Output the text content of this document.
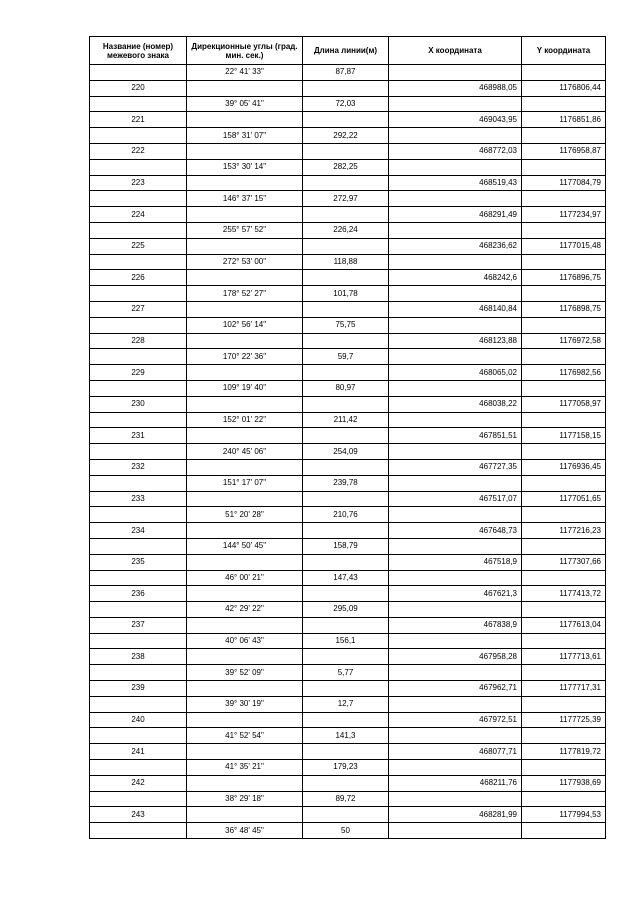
Название (номер) межевого знака	Дирекционные углы (град. мин. сек.)	Длина линии(м)	X координата	Y координата
	22° 41' 33"	87,87		
220			468988,05	1176806,44
	39° 05' 41"	72,03		
221			469043,95	1176851,86
	158° 31' 07"	292,22		
222			468772,03	1176958,87
	153° 30' 14"	282,25		
223			468519,43	1177084,79
	146° 37' 15"	272,97		
224			468291,49	1177234,97
	255° 57' 52"	226,24		
225			468236,62	1177015,48
	272° 53' 00"	118,88		
226			468242,6	1176896,75
	178° 52' 27"	101,78		
227			468140,84	1176898,75
	102° 56' 14"	75,75		
228			468123,88	1176972,58
	170° 22' 36"	59,7		
229			468065,02	1176982,56
	109° 19' 40"	80,97		
230			468038,22	1177058,97
	152° 01' 22"	211,42		
231			467851,51	1177158,15
	240° 45' 06"	254,09		
232			467727,35	1176936,45
	151° 17' 07"	239,78		
233			467517,07	1177051,65
	51° 20' 28"	210,76		
234			467648,73	1177216,23
	144° 50' 45"	158,79		
235			467518,9	1177307,66
	46° 00' 21"	147,43		
236			467621,3	1177413,72
	42° 29' 22"	295,09		
237			467838,9	1177613,04
	40° 06' 43"	156,1		
238			467958,28	1177713,61
	39° 52' 09"	5,77		
239			467962,71	1177717,31
	39° 30' 19"	12,7		
240			467972,51	1177725,39
	41° 52' 54"	141,3		
241			468077,71	1177819,72
	41° 35' 21"	179,23		
242			468211,76	1177938,69
	38° 29' 18"	89,72		
243			468281,99	1177994,53
	36° 48' 45"	50		
